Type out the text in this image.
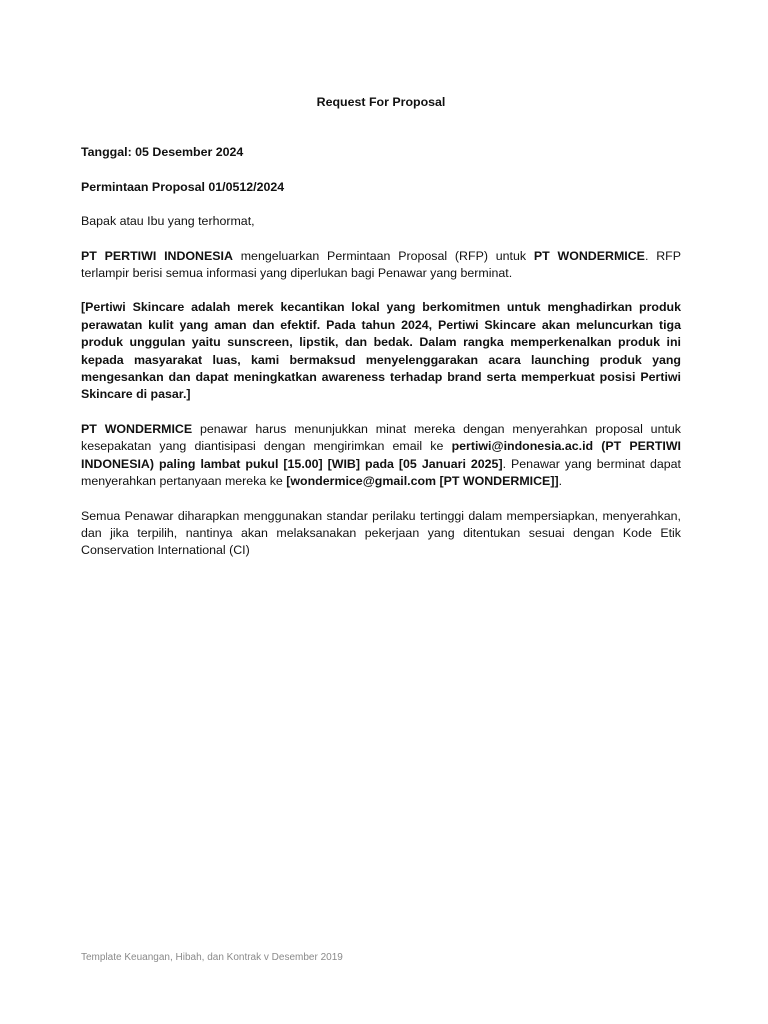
Request For Proposal
Tanggal: 05 Desember 2024
Permintaan Proposal 01/0512/2024
Bapak atau Ibu yang terhormat,
PT PERTIWI INDONESIA mengeluarkan Permintaan Proposal (RFP) untuk PT WONDERMICE. RFP terlampir berisi semua informasi yang diperlukan bagi Penawar yang berminat.
[Pertiwi Skincare adalah merek kecantikan lokal yang berkomitmen untuk menghadirkan produk perawatan kulit yang aman dan efektif. Pada tahun 2024, Pertiwi Skincare akan meluncurkan tiga produk unggulan yaitu sunscreen, lipstik, dan bedak. Dalam rangka memperkenalkan produk ini kepada masyarakat luas, kami bermaksud menyelenggarakan acara launching produk yang mengesankan dan dapat meningkatkan awareness terhadap brand serta memperkuat posisi Pertiwi Skincare di pasar.]
PT WONDERMICE penawar harus menunjukkan minat mereka dengan menyerahkan proposal untuk kesepakatan yang diantisipasi dengan mengirimkan email ke pertiwi@indonesia.ac.id (PT PERTIWI INDONESIA) paling lambat pukul [15.00] [WIB] pada [05 Januari 2025]. Penawar yang berminat dapat menyerahkan pertanyaan mereka ke [wondermice@gmail.com [PT WONDERMICE]].
Semua Penawar diharapkan menggunakan standar perilaku tertinggi dalam mempersiapkan, menyerahkan, dan jika terpilih, nantinya akan melaksanakan pekerjaan yang ditentukan sesuai dengan Kode Etik Conservation International (CI)
Template Keuangan, Hibah, dan Kontrak v Desember 2019
